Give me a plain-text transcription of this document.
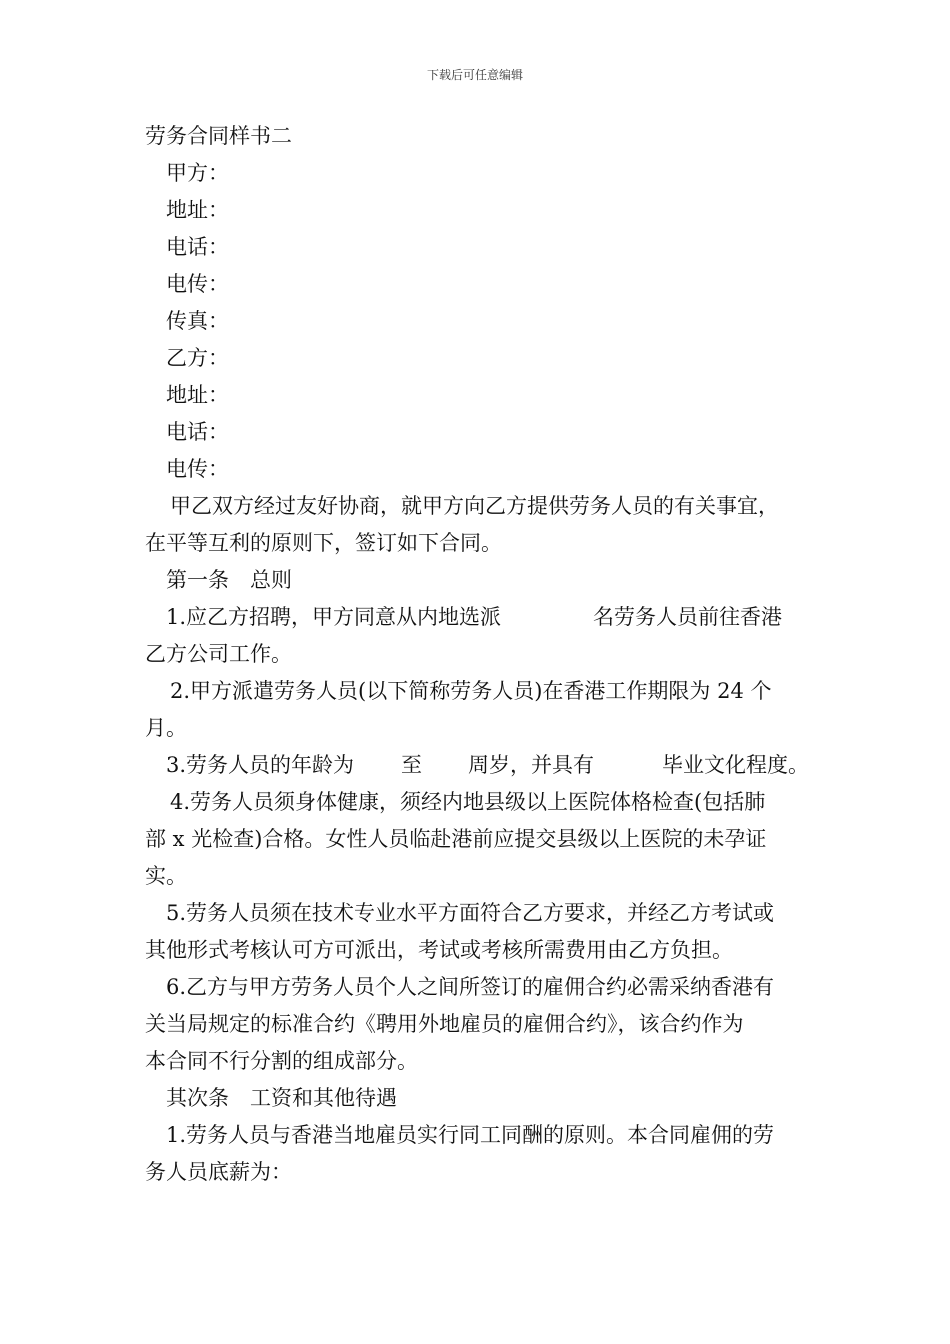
下载后可任意编辑
劳务合同样书二
甲方：
地址：
电话：
电传：
传真：
乙方：
地址：
电话：
电传：
甲乙双方经过友好协商，就甲方向乙方提供劳务人员的有关事宜，
在平等互利的原则下，签订如下合同。
第一条　总则
1.应乙方招聘，甲方同意从内地选派	名劳务人员前往香港
乙方公司工作。
2.甲方派遣劳务人员(以下简称劳务人员)在香港工作期限为 24 个
月。
3.劳务人员的年龄为 至 周岁，并具有	毕业文化程度。
4.劳务人员须身体健康，须经内地县级以上医院体格检查(包括肺
部 x 光检查)合格。女性人员临赴港前应提交县级以上医院的未孕证
实。
5.劳务人员须在技术专业水平方面符合乙方要求，并经乙方考试或
其他形式考核认可方可派出，考试或考核所需费用由乙方负担。
6.乙方与甲方劳务人员个人之间所签订的雇佣合约必需采纳香港有
关当局规定的标准合约《聘用外地雇员的雇佣合约》，该合约作为
本合同不行分割的组成部分。
其次条　工资和其他待遇
1.劳务人员与香港当地雇员实行同工同酬的原则。本合同雇佣的劳
务人员底薪为：
